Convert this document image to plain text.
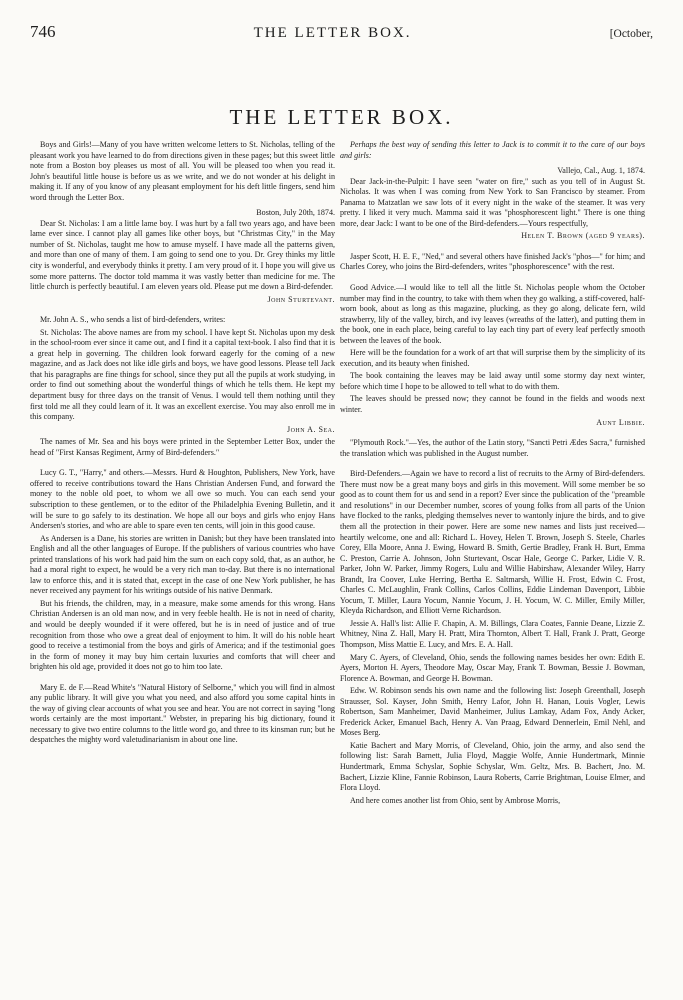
746	THE LETTER BOX.	[October,
THE LETTER BOX.

Boys and Girls!—Many of you have written welcome letters to St. Nicholas, telling of the pleasant work you have learned to do from directions given in these pages; but this sweet little note from a Boston boy pleases us most of all. You will be pleased too when you read it. John's beautiful little house is before us as we write, and we do not wonder at his delight in making it. If any of you know of any pleasant employment for his deft little fingers, send him word through the Letter Box.

Boston, July 20th, 1874.

Dear St. Nicholas: I am a little lame boy. I was hurt by a fall two years ago, and have been lame ever since. I cannot play all games like other boys, but "Christmas City," in the May number of St. Nicholas, taught me how to amuse myself. I have made all the patterns given, and more than one of many of them. I am going to send one to you. Dr. Grey thinks my little city is wonderful, and everybody thinks it pretty. I am very proud of it. I hope you will give us some more patterns. The doctor told mamma it was vastly better than medicine for me. The little church is perfectly beautiful. I am eleven years old. Please put me down a Bird-defender.

John Sturtevant.

Mr. John A. S., who sends a list of bird-defenders, writes:

St. Nicholas: The above names are from my school. I have kept St. Nicholas upon my desk in the school-room ever since it came out, and I find it a capital text-book. I also find that it is a great help in governing. The children look forward eagerly for the coming of a new magazine, and as Jack does not like idle girls and boys, we have good lessons. Please tell Jack that his paragraphs are fine things for school, since they put all the pupils at work studying, in order to find out something about the wonderful things of which he tells them. He kept my department busy for three days on the transit of Venus. I would tell them nothing until they first told me all they could learn of it. It was an excellent exercise. You may also enroll me in this company.

John A. Sea.

The names of Mr. Sea and his boys were printed in the September Letter Box, under the head of "First Kansas Regiment, Army of Bird-defenders."

Lucy G. T., "Harry," and others.—Messrs. Hurd & Houghton, Publishers, New York, have offered to receive contributions toward the Hans Christian Andersen Fund, and forward the money to the noble old poet, to whom we all owe so much. You can each send your subscription to these gentlemen, or to the editor of the Philadelphia Evening Bulletin, and it will be sure to go safely to its destination. We hope all our boys and girls who enjoy Hans Andersen's stories, and who are able to spare even ten cents, will join in this good cause.

As Andersen is a Dane, his stories are written in Danish; but they have been translated into English and all the other languages of Europe. If the publishers of various countries who have printed translations of his work had paid him the sum on each copy sold, that, as an author, he had a moral right to expect, he would be a very rich man to-day. But there is no international law to enforce this, and it is stated that, except in the case of one New York publisher, he has never received any payment for his writings outside of his native Denmark.

But his friends, the children, may, in a measure, make some amends for this wrong. Hans Christian Andersen is an old man now, and in very feeble health. He is not in need of charity, and would be deeply wounded if it were offered, but he is in need of justice and of true recognition from those who owe a great deal of enjoyment to him. It will do his noble heart good to receive a testimonial from the boys and girls of America; and if the testimonial goes in the form of money it may buy him certain luxuries and comforts that will cheer and brighten his old age, provided it does not go to him too late.

Mary E. de F.—Read White's "Natural History of Selborne," which you will find in almost any public library. It will give you what you need, and also afford you some capital hints in the way of giving clear accounts of what you see and hear. You are not correct in saying "long words certainly are the most important." Webster, in preparing his big dictionary, found it necessary to give two entire columns to the little word go, and three to its kinsman run; but he despatches the mighty word valetudinarianism in about one line.

Perhaps the best way of sending this letter to Jack is to commit it to the care of our boys and girls:

Vallejo, Cal., Aug. 1, 1874.

Dear Jack-in-the-Pulpit: I have seen "water on fire," such as you tell of in August St. Nicholas. It was when I was coming from New York to San Francisco by steamer. From Panama to Matzatlan we saw lots of it every night in the wake of the steamer. It was very pretty. I liked it very much. Mamma said it was "phosphorescent light." There is one thing more, dear Jack: I want to be one of the Bird-defenders.—Yours respectfully,

Helen T. Brown (aged 9 years).

Jasper Scott, H. E. F., "Ned," and several others have finished Jack's "phos—" for him; and Charles Corey, who joins the Bird-defenders, writes "phosphorescence" with the rest.

Good Advice.—I would like to tell all the little St. Nicholas people whom the October number may find in the country, to take with them when they go walking, a stiff-covered, half-worn book, about as long as this magazine, plucking, as they go along, delicate fern, wild strawberry, lily of the valley, birch, and ivy leaves (wreaths of the latter), and putting them in the book, one in each place, being careful to lay each tiny part of every leaf perfectly smooth between the leaves of the book.

Here will be the foundation for a work of art that will surprise them by the simplicity of its execution, and its beauty when finished.

The book containing the leaves may be laid away until some stormy day next winter, before which time I hope to be allowed to tell what to do with them.

The leaves should be pressed now; they cannot be found in the fields and woods next winter.

Aunt Libbie.

"Plymouth Rock."—Yes, the author of the Latin story, "Sancti Petri Ædes Sacra," furnished the translation which was published in the August number.

Bird-Defenders.—Again we have to record a list of recruits to the Army of Bird-defenders. There must now be a great many boys and girls in this movement. Will some member be so good as to count them for us and send in a report? Ever since the publication of the "preamble and resolutions" in our December number, scores of young folks from all parts of the Union have flocked to the ranks, pledging themselves never to wantonly injure the birds, and to give them all the protection in their power. Here are some new names and lists just received—heartily welcome, one and all: Richard L. Hovey, Helen T. Brown, Joseph S. Steele, Charles Corey, Ella Moore, Anna J. Ewing, Howard B. Smith, Gertie Bradley, Frank H. Burt, Emma C. Preston, Carrie A. Johnson, John Sturtevant, Oscar Hale, George C. Parker, Lidie V. R. Parker, John W. Parker, Jimmy Rogers, Lulu and Willie Habirshaw, Alexander Wiley, Harry Brandt, Ira Coover, Luke Herring, Bertha E. Saltmarsh, Willie H. Frost, Edwin C. Frost, Charles C. McLaughlin, Frank Collins, Carlos Collins, Eddie Lindeman Davenport, Libbie Yocum, T. Miller, Laura Yocum, Nannie Yocum, J. H. Yocum, W. C. Miller, Emily Miller, Kleyda Richardson, and Elliott Verne Richardson.

Jessie A. Hall's list: Allie F. Chapin, A. M. Billings, Clara Coates, Fannie Deane, Lizzie Z. Whitney, Nina Z. Hall, Mary H. Pratt, Mira Thornton, Albert T. Hall, Frank J. Pratt, George Thompson, Miss Mattie E. Lucy, and Mrs. E. A. Hall.

Mary C. Ayers, of Cleveland, Ohio, sends the following names besides her own: Edith E. Ayers, Morton H. Ayers, Theodore May, Oscar May, Frank T. Bowman, Bessie J. Bowman, Florence A. Bowman, and George H. Bowman.

Edw. W. Robinson sends his own name and the following list: Joseph Greenthall, Joseph Strausser, Sol. Kayser, John Smith, Henry Lafor, John H. Hanan, Louis Vogler, Lewis Robertson, Sam Manheimer, David Manheimer, Julius Lamkay, Adam Fox, Andy Acker, Frederick Acker, Emanuel Bach, Henry A. Van Praag, Edward Dennerlein, Emil Nehl, and Moses Berg.

Katie Bachert and Mary Morris, of Cleveland, Ohio, join the army, and also send the following list: Sarah Barnett, Julia Floyd, Maggie Wolfe, Annie Hundertmark, Minnie Hundertmark, Emma Schyslar, Sophie Schyslar, Wm. Geltz, Mrs. B. Bachert, Jno. M. Bachert, Lizzie Kline, Fannie Robinson, Laura Roberts, Carrie Brightman, Louise Elmer, and Flora Lloyd.

And here comes another list from Ohio, sent by Ambrose Morris,
